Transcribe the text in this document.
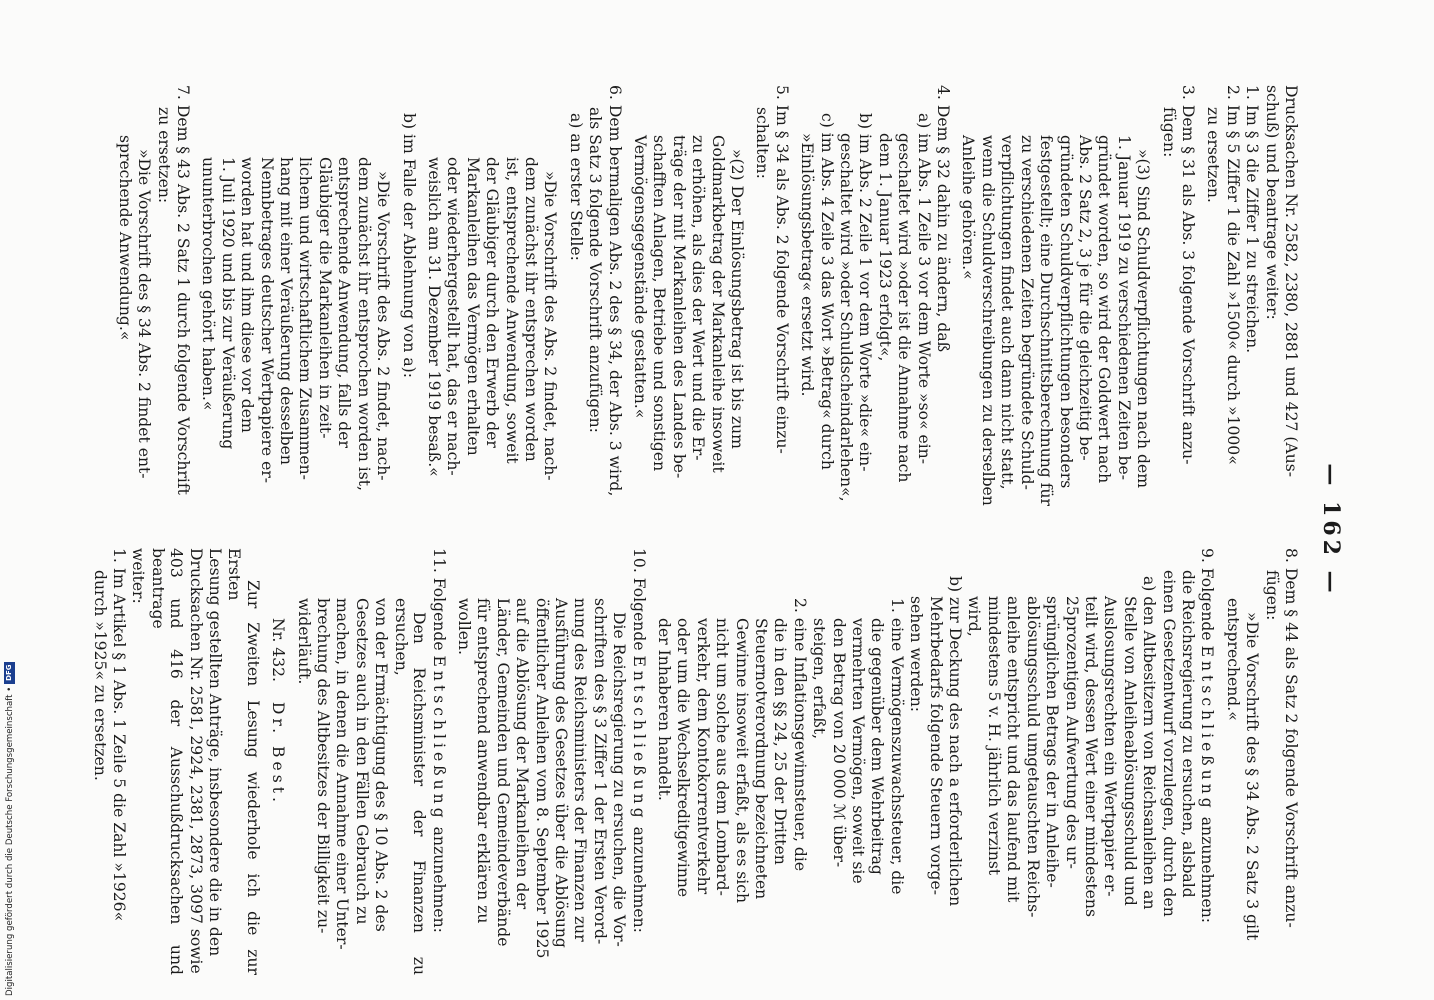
— 162 —
Drucksachen Nr. 2582, 2380, 2881 und 427 (Aus-
schuß) und beantrage weiter:
1. Im § 3 die Ziffer 1 zu streichen.
2. Im § 5 Ziffer 1 die Zahl »1500« durch »1000«
zu ersetzen.
3. Dem § 31 als Abs. 3 folgende Vorschrift anzu-
fügen:
»(3) Sind Schuldverpflichtungen nach dem
1. Januar 1919 zu verschiedenen Zeiten be-
gründet worden, so wird der Goldwert nach
Abs. 2 Satz 2, 3 je für die gleichzeitig be-
gründeten Schuldverpflichtungen besonders
festgestellt; eine Durchschnittsberechnung für
zu verschiedenen Zeiten begründete Schuld-
verpflichtungen findet auch dann nicht statt,
wenn die Schuldverschreibungen zu derselben
Anleihe gehören.«
4. Dem § 32 dahin zu ändern, daß
a) im Abs. 1 Zeile 3 vor dem Worte »so« ein-
geschaltet wird »oder ist die Annahme nach
dem 1. Januar 1923 erfolgt«,
b) im Abs. 2 Zeile 1 vor dem Worte »die« ein-
geschaltet wird »oder Schuldscheindarlehen«,
c) im Abs. 4 Zeile 3 das Wort »Betrag« durch
»Einlösungsbetrag« ersetzt wird.
5. Im § 34 als Abs. 2 folgende Vorschrift einzu-
schalten:
»(2) Der Einlösungsbetrag ist bis zum
Goldmarkbetrag der Markanleihe insoweit
zu erhöhen, als dies der Wert und die Er-
träge der mit Markanleihen des Landes be-
schafften Anlagen, Betriebe und sonstigen
Vermögensgegenstände gestatten.«
6. Dem bermaligen Abs. 2 des § 34, der Abs. 3 wird,
als Satz 3 folgende Vorschrift anzufügen:
a) an erster Stelle:
»Die Vorschrift des Abs. 2 findet, nach-
dem zunächst ihr entsprechen worden
ist, entsprechende Anwendung, soweit
der Gläubiger durch den Erwerb der
Markanleihen das Vermögen erhalten
oder wiederhergestellt hat, das er nach-
weislich am 31. Dezember 1919 besaß.«
b) im Falle der Ablehnung von a):
»Die Vorschrift des Abs. 2 findet, nach-
dem zunächst ihr entsprochen worden ist,
entsprechende Anwendung, falls der
Gläubiger die Markanleihen in zeit-
lichem und wirtschaftlichem Zusammen-
hang mit einer Veräußerung desselben
Nennbetrages deutscher Wertpapiere er-
worden hat und ihm diese vor dem
1. Juli 1920 und bis zur Veräußerung
ununterbrochen gehört haben.«
7. Dem § 43 Abs. 2 Satz 1 durch folgende Vorschrift
zu ersetzen:
»Die Vorschrift des § 34 Abs. 2 findet ent-
sprechende Anwendung.«
8. Dem § 44 als Satz 2 folgende Vorschrift anzu-
fügen:
»Die Vorschrift des § 34 Abs. 2 Satz 3 gilt
entsprechend.«
9. Folgende Entschließung anzunehmen:
die Reichsregierung zu ersuchen, alsbald
einen Gesetzentwurf vorzulegen, durch den
a) den Altbesitzern von Reichsanleihen an
Stelle von Anleiheablösungsschuld und
Auslosungsrechten ein Wertpapier er-
teilt wird, dessen Wert einer mindestens
25prozentigen Aufwertung des ur-
sprünglichen Betrags der in Anleihe-
ablösungsschuld umgetauschten Reichs-
anleihe entspricht und das laufend mit
mindestens 5 v. H. jährlich verzinst
wird,
b) zur Deckung des nach a erforderlichen
Mehrbedarfs folgende Steuern vorge-
sehen werden:
1. eine Vermögenszuwachssteuer, die
die gegenüber dem Wehrbeitrag
vermehrten Vermögen, soweit sie
den Betrag von 20 000 ℳ über-
steigen, erfaßt,
2. eine Inflationsgewinnsteuer, die
die in den §§ 24, 25 der Dritten
Steuernotverordnung bezeichneten
Gewinne insoweit erfaßt, als es sich
nicht um solche aus dem Lombard-
verkehr, dem Kontokorrentverkehr
oder um die Wechselkreditgewinne
der Inhaberen handelt.
10. Folgende Entschließung anzunehmen:
Die Reichsregierung zu ersuchen, die Vor-
schriften des § 3 Ziffer 1 der Ersten Verord-
nung des Reichsministers der Finanzen zur
Ausführung des Gesetzes über die Ablösung
öffentlicher Anleihen vom 8. September 1925
auf die Ablösung der Markanleihen der
Länder, Gemeinden und Gemeindeverbände
für entsprechend anwendbar erklären zu
wollen.
11. Folgende Entschließung anzunehmen:
Den Reichsminister der Finanzen zu ersuchen,
von der Ermächtigung des § 10 Abs. 2 des
Gesetzes auch in den Fällen Gebrauch zu
machen, in denen die Annahme einer Unter-
brechung des Altbesitzes der Billigkeit zu-
widerläuft.
Nr. 432.    Dr. Best.
Zur Zweiten Lesung wiederhole ich die zur Ersten
Lesung gestellten Anträge, insbesondere die in den
Drucksachen Nr. 2581, 2924, 2381, 2873, 3097 sowie
403 und 416 der Ausschußdrucksachen und beantrage
weiter:
1. Im Artikel § 1 Abs. 1 Zeile 5 die Zahl »1926«
durch »1925« zu ersetzen.
Digitalisierung gefördert durch die Deutsche Forschungsgemeinschaft •
DFG
